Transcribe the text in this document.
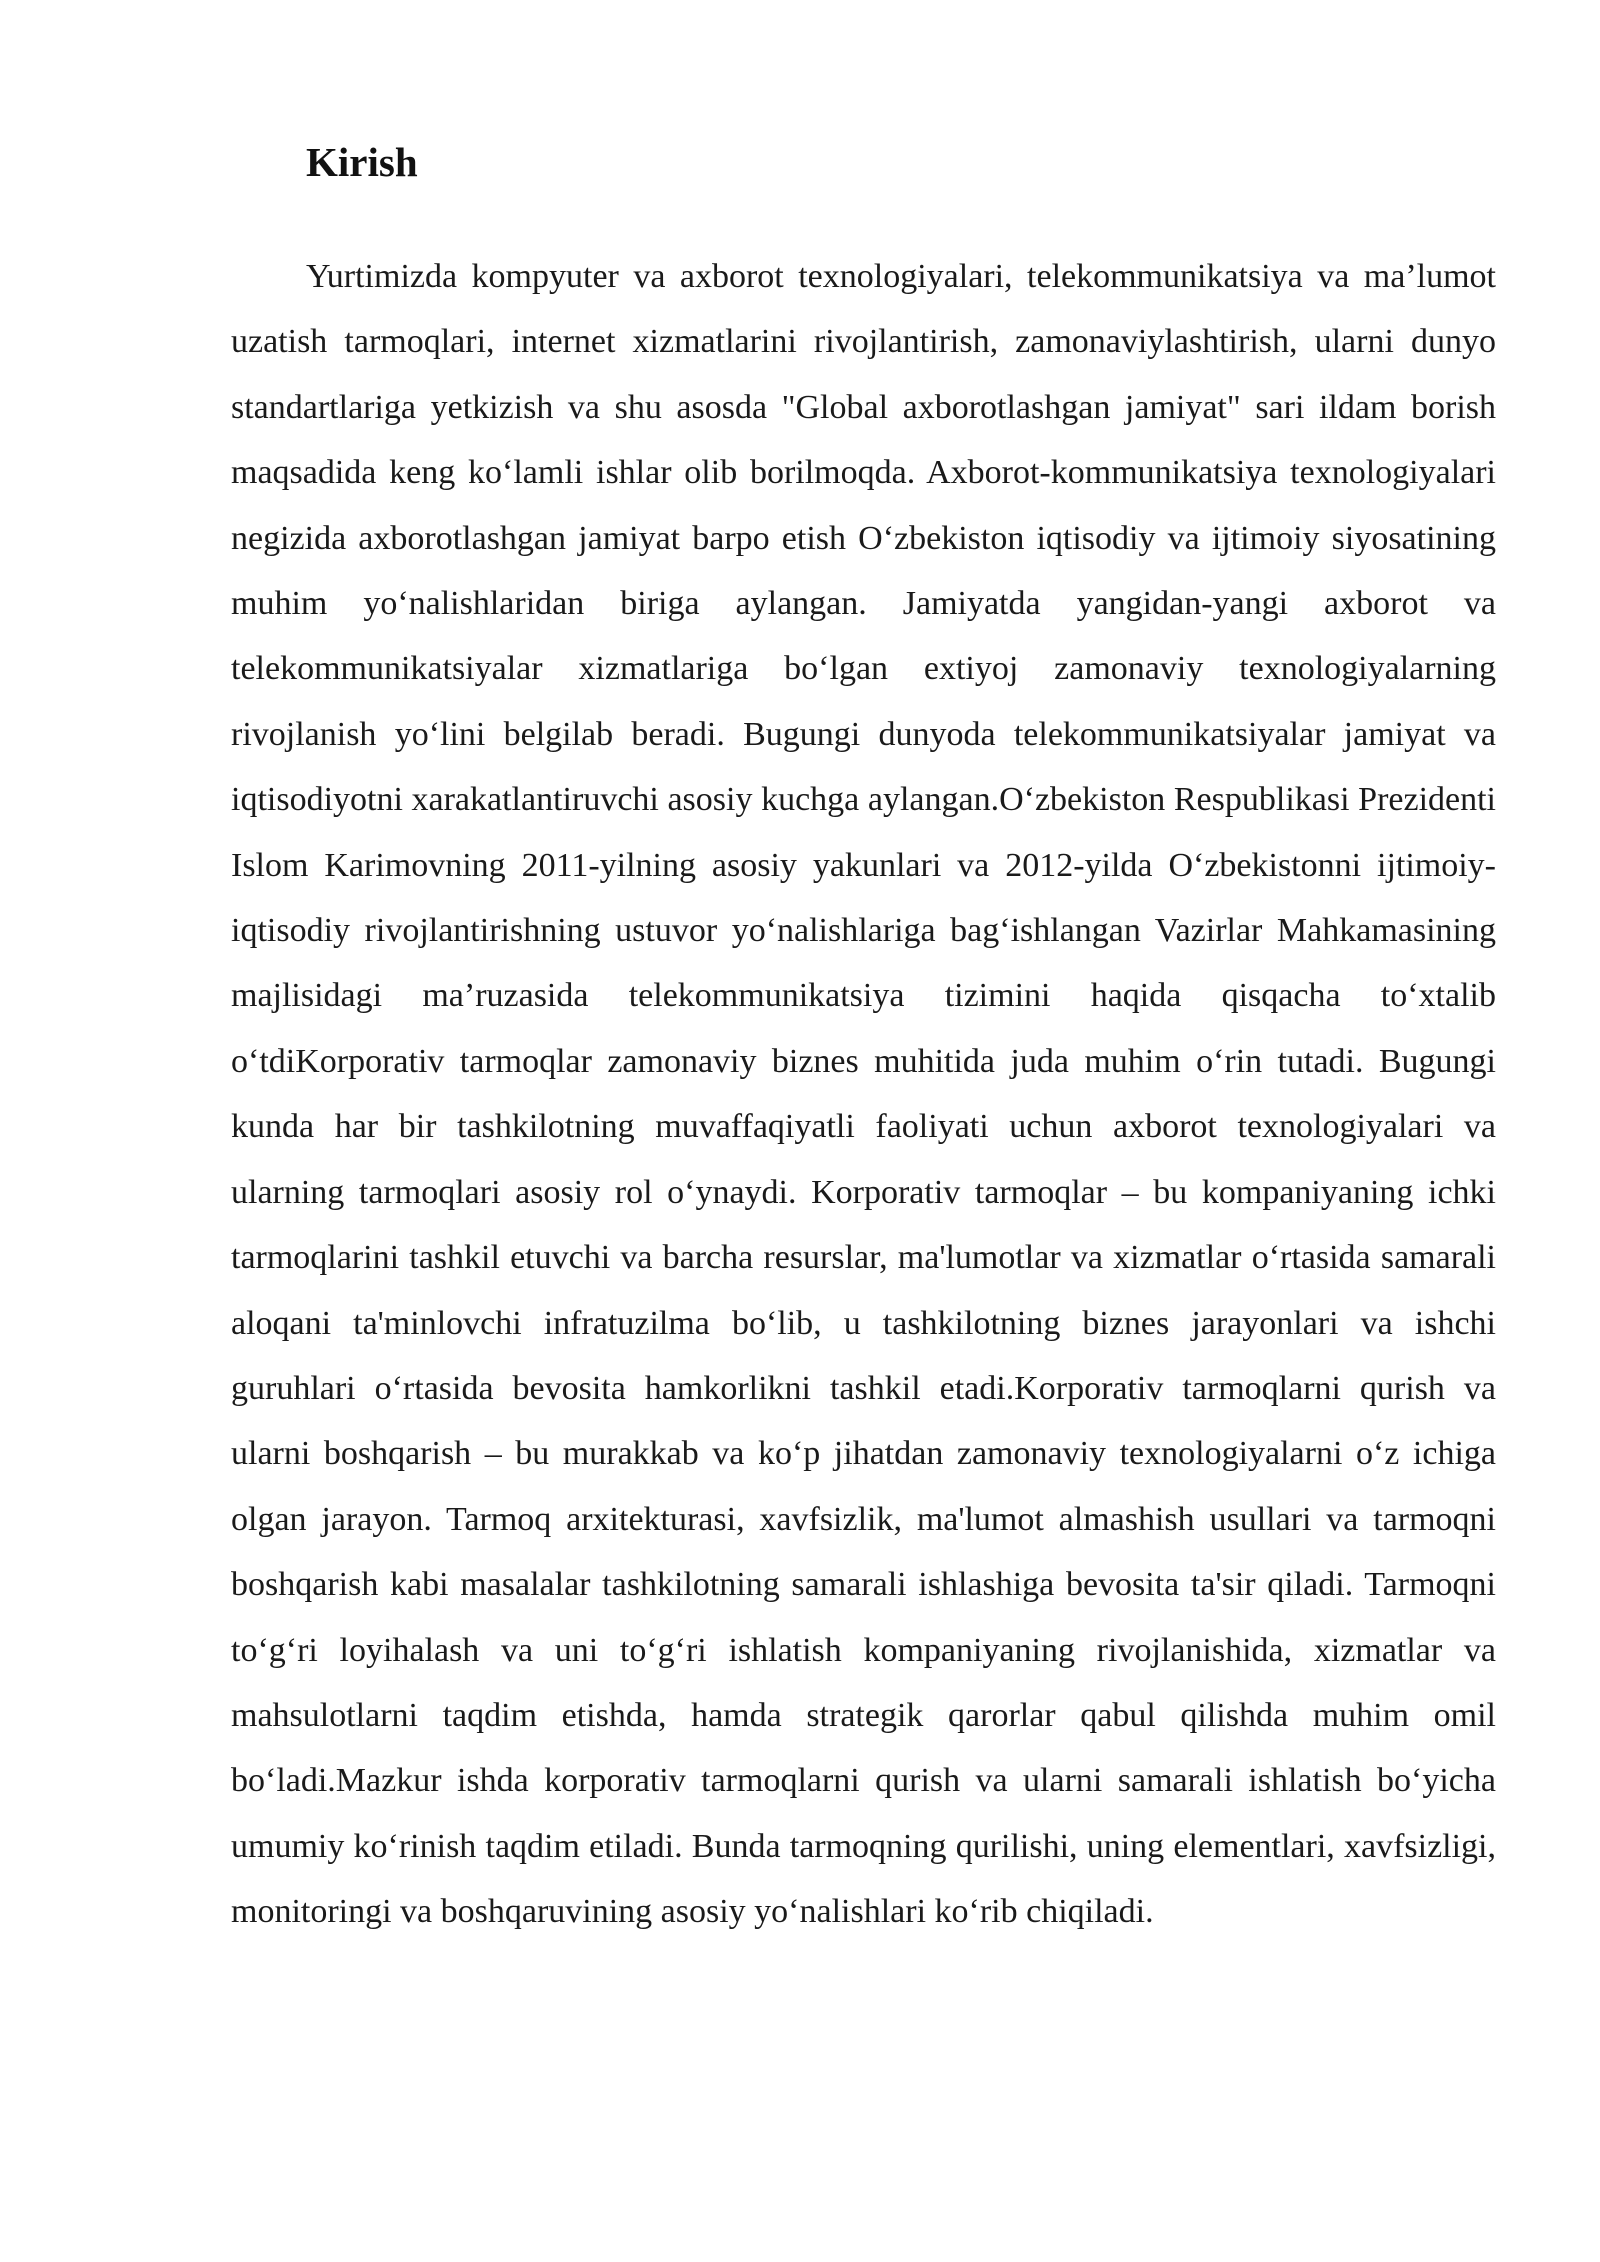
Kirish

Yurtimizda kompyuter va axborot texnologiyalari, telekommunikatsiya va ma’lumot uzatish tarmoqlari, internet xizmatlarini rivojlantirish, zamonaviylashtirish, ularni dunyo standartlariga yetkizish va shu asosda "Global axborotlashgan jamiyat" sari ildam borish maqsadida keng koʻlamli ishlar olib borilmoqda. Axborot-kommunikatsiya texnologiyalari negizida axborotlashgan jamiyat barpo etish Oʻzbekiston iqtisodiy va ijtimoiy siyosatining muhim yoʻnalishlaridan biriga aylangan. Jamiyatda yangidan-yangi axborot va telekommunikatsiyalar xizmatlariga boʻlgan extiyoj zamonaviy texnologiyalarning rivojlanish yoʻlini belgilab beradi. Bugungi dunyoda telekommunikatsiyalar jamiyat va iqtisodiyotni xarakatlantiruvchi asosiy kuchga aylangan.Oʻzbekiston Respublikasi Prezidenti Islom Karimovning 2011-yilning asosiy yakunlari va 2012-yilda Oʻzbekistonni ijtimoiy-iqtisodiy rivojlantirishning ustuvor yoʻnalishlariga bagʻishlangan Vazirlar Mahkamasining majlisidagi ma’ruzasida telekommunikatsiya tizimini haqida qisqacha toʻxtalib oʻtdiKorporativ tarmoqlar zamonaviy biznes muhitida juda muhim oʻrin tutadi. Bugungi kunda har bir tashkilotning muvaffaqiyatli faoliyati uchun axborot texnologiyalari va ularning tarmoqlari asosiy rol oʻynaydi. Korporativ tarmoqlar – bu kompaniyaning ichki tarmoqlarini tashkil etuvchi va barcha resurslar, ma'lumotlar va xizmatlar oʻrtasida samarali aloqani ta'minlovchi infratuzilma boʻlib, u tashkilotning biznes jarayonlari va ishchi guruhlari oʻrtasida bevosita hamkorlikni tashkil etadi.Korporativ tarmoqlarni qurish va ularni boshqarish – bu murakkab va koʻp jihatdan zamonaviy texnologiyalarni oʻz ichiga olgan jarayon. Tarmoq arxitekturasi, xavfsizlik, ma'lumot almashish usullari va tarmoqni boshqarish kabi masalalar tashkilotning samarali ishlashiga bevosita ta'sir qiladi. Tarmoqni toʻgʻri loyihalash va uni toʻgʻri ishlatish kompaniyaning rivojlanishida, xizmatlar va mahsulotlarni taqdim etishda, hamda strategik qarorlar qabul qilishda muhim omil boʻladi.Mazkur ishda korporativ tarmoqlarni qurish va ularni samarali ishlatish boʻyicha umumiy koʻrinish taqdim etiladi. Bunda tarmoqning qurilishi, uning elementlari, xavfsizligi, monitoringi va boshqaruvining asosiy yoʻnalishlari koʻrib chiqiladi.
